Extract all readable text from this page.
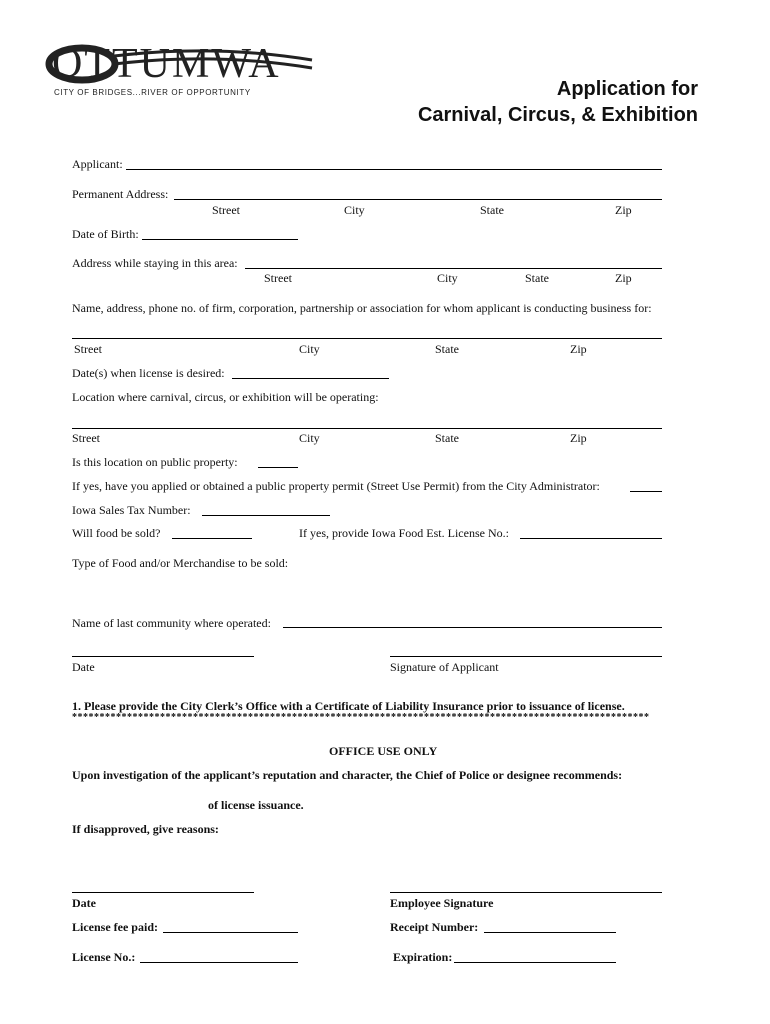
OTTUMWA
CITY OF BRIDGES...RIVER OF OPPORTUNITY	Application for
Carnival, Circus, & Exhibition
Applicant:
Permanent Address:
Street	City	State	Zip
Date of Birth:
Address while staying in this area:
Street	City	State	Zip
Name, address, phone no. of firm, corporation, partnership or association for whom applicant is conducting business for:
Street	City	State	Zip
Date(s) when license is desired:
Location where carnival, circus, or exhibition will be operating:
Street	City	State	Zip
Is this location on public property:
If yes, have you applied or obtained a public property permit (Street Use Permit) from the City Administrator:
Iowa Sales Tax Number:
Will food be sold?	If yes, provide Iowa Food Est. License No.:
Type of Food and/or Merchandise to be sold:
Name of last community where operated:
Date	Signature of Applicant
1. Please provide the City Clerk’s Office with a Certificate of Liability Insurance prior to issuance of license.
*********************************************************************************************************
OFFICE USE ONLY
Upon investigation of the applicant’s reputation and character, the Chief of Police or designee recommends:
of license issuance.
If disapproved, give reasons:
Date	Employee Signature
License fee paid:	Receipt Number:
License No.:	Expiration:
